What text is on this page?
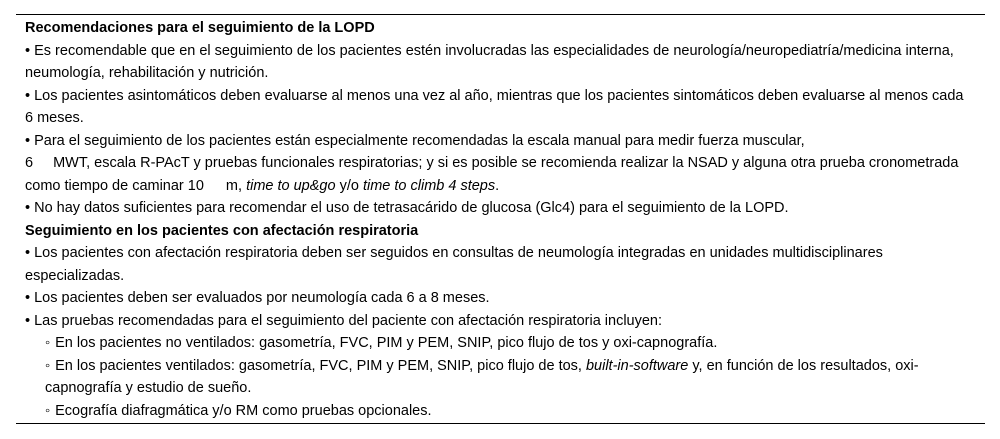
Recomendaciones para el seguimiento de la LOPD

• Es recomendable que en el seguimiento de los pacientes estén involucradas las especialidades de neurología/neuropediatría/medicina interna, neumología, rehabilitación y nutrición.

• Los pacientes asintomáticos deben evaluarse al menos una vez al año, mientras que los pacientes sintomáticos deben evaluarse al menos cada 6 meses.

• Para el seguimiento de los pacientes están especialmente recomendadas la escala manual para medir fuerza muscular,
6 MWT, escala R-PAcT y pruebas funcionales respiratorias; y si es posible se recomienda realizar la NSAD y alguna otra prueba cronometrada como tiempo de caminar 10 m, time to up&go y/o time to climb 4 steps.

• No hay datos suficientes para recomendar el uso de tetrasacárido de glucosa (Glc4) para el seguimiento de la LOPD.

Seguimiento en los pacientes con afectación respiratoria

• Los pacientes con afectación respiratoria deben ser seguidos en consultas de neumología integradas en unidades multidisciplinares especializadas.

• Los pacientes deben ser evaluados por neumología cada 6 a 8 meses.

• Las pruebas recomendadas para el seguimiento del paciente con afectación respiratoria incluyen:

◦ En los pacientes no ventilados: gasometría, FVC, PIM y PEM, SNIP, pico flujo de tos y oxi-capnografía.

◦ En los pacientes ventilados: gasometría, FVC, PIM y PEM, SNIP, pico flujo de tos, built-in-software y, en función de los resultados, oxi-capnografía y estudio de sueño.

◦ Ecografía diafragmática y/o RM como pruebas opcionales.
